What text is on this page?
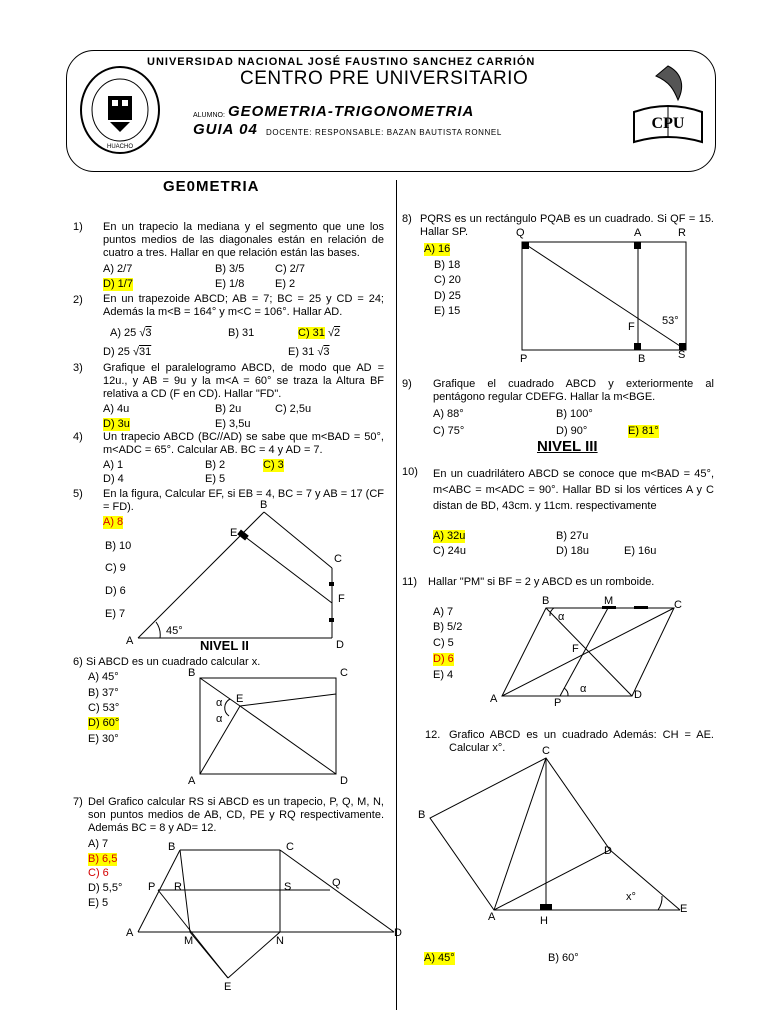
HUACHO
UNIVERSIDAD NACIONAL JOSÉ FAUSTINO SANCHEZ CARRIÓN
CENTRO PRE UNIVERSITARIO
ALUMNO: GEOMETRIA-TRIGONOMETRIA
GUIA 04 DOCENTE: RESPONSABLE: BAZAN BAUTISTA RONNEL
CPU
GE0METRIA
1) En un trapecio la mediana y el segmento que une los puntos medios de las diagonales están en relación de cuatro a tres. Hallar en que relación están las bases.
A) 2/7	B) 3/5	C) 2/7
D) 1/7	E) 1/8	E) 2
2) En un trapezoide ABCD; AB = 7; BC = 25 y CD = 24; Además la m<B = 164° y m<C = 106°. Hallar AD.
A) 25 √3	B) 31	C) 31 √2
D) 25 √31	E) 31 √3
3) Grafique el paralelogramo ABCD, de modo que AD = 12u., y AB = 9u y la m<A = 60° se traza la Altura BF relativa a CD (F en CD). Hallar "FD".
A) 4u	B) 2u	C) 2,5u
D) 3u	E) 3,5u
4) Un trapecio ABCD (BC//AD) se sabe que m<BAD = 50°, m<ADC = 65°. Calcular AB. BC = 4 y AD = 7.
A) 1	B) 2	C) 3
D) 4	E) 5
5) En la figura, Calcular EF, si EB = 4, BC = 7 y AB = 17 (CF = FD).
A) 8
B) 10
C) 9
D) 6
E) 7
A
B
C
D
E
F
45°
NIVEL II
6) Si ABCD es un cuadrado calcular x.
A) 45°
B) 37°
C) 53°
D) 60°
E) 30°
B	C
A	D
E
α
α
7) Del Grafico calcular RS si ABCD es un trapecio, P, Q, M, N, son puntos medios de AB, CD, PE y RQ respectivamente. Además BC = 8 y AD= 12.
A) 7
B) 6,5
C) 6
D) 5,5°
E) 5
A
B	C
D
E
P	Q
R	S
M	N
8) PQRS es un rectángulo PQAB es un cuadrado. Si QF = 15. Hallar SP.
A) 16
B) 18
C) 20
D) 25
E) 15
Q	A	R
P	B	S
F 53°
9) Grafique el cuadrado ABCD y exteriormente al pentágono regular CDEFG. Hallar la m<BGE.
A) 88°	B) 100°
C) 75°	D) 90°	E) 81°
NIVEL III
10) En un cuadrilátero ABCD se conoce que m<BAD = 45°, m<ABC = m<ADC = 90°. Hallar BD si los vértices A y C distan de BD, 43cm. y 11cm. respectivamente
A) 32u	B) 27u
C) 24u	D) 18u	E) 16u
11) Hallar "PM" si BF = 2 y ABCD es un romboide.
A) 7
B) 5/2
C) 5
D) 6
E) 4
B	M	C
A	P
D
F
α
α
12. Grafico ABCD es un cuadrado Además: CH = AE. Calcular x°.	C
B
D
A	H
E
x°
A) 45°	B) 60°
